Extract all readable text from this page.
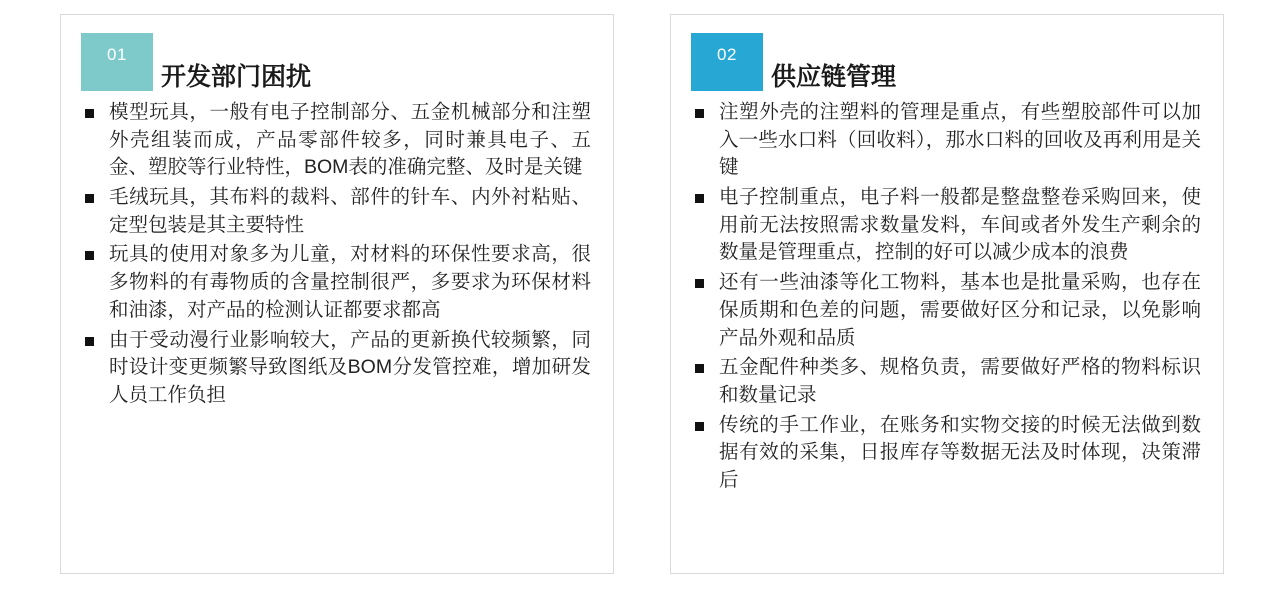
01
开发部门困扰
模型玩具，一般有电子控制部分、五金机械部分和注塑外壳组装而成，产品零部件较多，同时兼具电子、五金、塑胶等行业特性，BOM表的准确完整、及时是关键
毛绒玩具，其布料的裁料、部件的针车、内外衬粘贴、定型包装是其主要特性
玩具的使用对象多为儿童，对材料的环保性要求高，很多物料的有毒物质的含量控制很严，多要求为环保材料和油漆，对产品的检测认证都要求都高
由于受动漫行业影响较大，产品的更新换代较频繁，同时设计变更频繁导致图纸及BOM分发管控难，增加研发人员工作负担
02
供应链管理
注塑外壳的注塑料的管理是重点，有些塑胶部件可以加入一些水口料（回收料），那水口料的回收及再利用是关键
电子控制重点，电子料一般都是整盘整卷采购回来，使用前无法按照需求数量发料，车间或者外发生产剩余的数量是管理重点，控制的好可以减少成本的浪费
还有一些油漆等化工物料，基本也是批量采购，也存在保质期和色差的问题，需要做好区分和记录，以免影响产品外观和品质
五金配件种类多、规格负责，需要做好严格的物料标识和数量记录
传统的手工作业，在账务和实物交接的时候无法做到数据有效的采集，日报库存等数据无法及时体现，决策滞后
